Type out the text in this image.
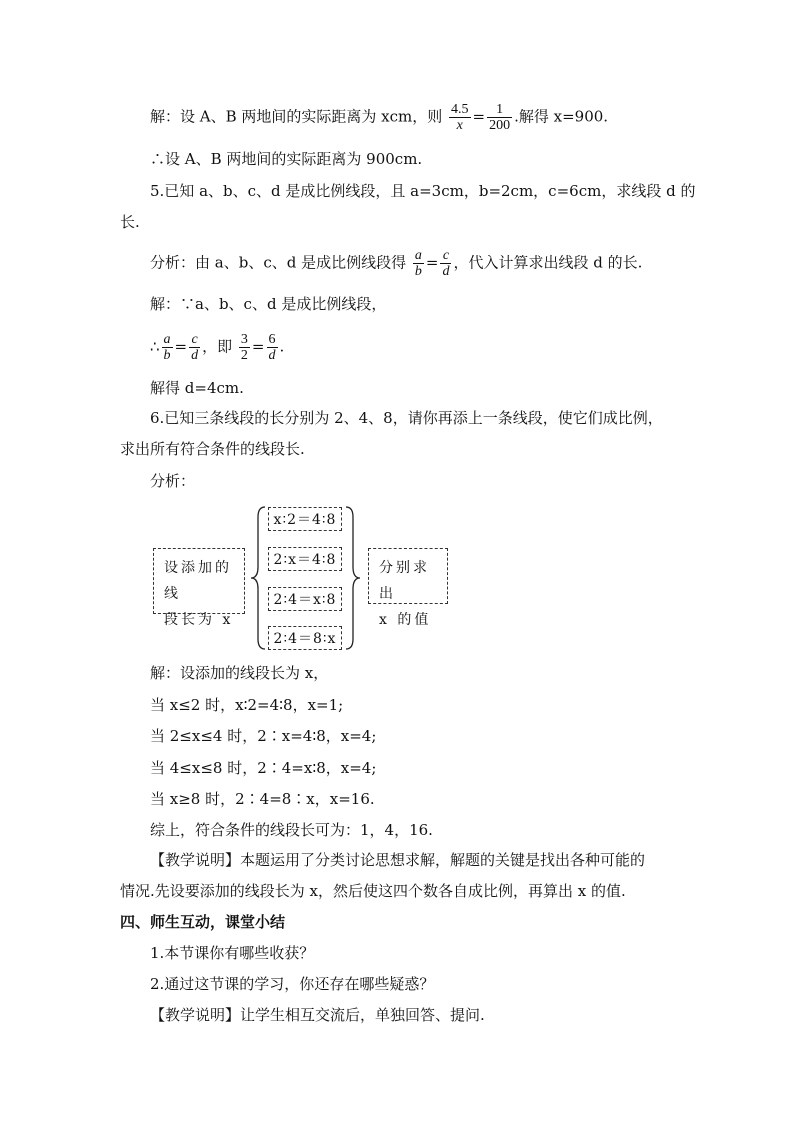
解：设 A、B 两地间的实际距离为 xcm，则 $\frac{4.5}{x} = \frac{1}{200}$ .解得 x=900.
∴设 A、B 两地间的实际距离为 900cm.
5.已知 a、b、c、d 是成比例线段，且 a=3cm，b=2cm，c=6cm，求线段 d 的
长.
分析：由 a、b、c、d 是成比例线段得 $\frac{a}{b} = \frac{c}{d}$ ，代入计算求出线段 d 的长.
解：∵a、b、c、d 是成比例线段，
∴ $\frac{a}{b} = \frac{c}{d}$ ，即 $\frac{3}{2} = \frac{6}{d}$ .
解得 d=4cm.
6.已知三条线段的长分别为 2、4、8，请你再添上一条线段，使它们成比例，
求出所有符合条件的线段长.
分析：
设添加的线
段长为 x
x∶2＝4∶8
2∶x＝4∶8
2∶4＝x∶8
2∶4＝8∶x
分别求出
x 的值
解：设添加的线段长为 x，
当 x≤2 时，x∶2=4∶8，x=1;
当 2≤x≤4 时，2∶x=4∶8，x=4;
当 4≤x≤8 时，2∶4=x∶8，x=4;
当 x≥8 时，2∶4=8∶x，x=16.
综上，符合条件的线段长可为：1，4，16.
【教学说明】本题运用了分类讨论思想求解，解题的关键是找出各种可能的
情况.先设要添加的线段长为 x，然后使这四个数各自成比例，再算出 x 的值.
四、师生互动，课堂小结
1.本节课你有哪些收获？
2.通过这节课的学习，你还存在哪些疑惑？
【教学说明】让学生相互交流后，单独回答、提问.
